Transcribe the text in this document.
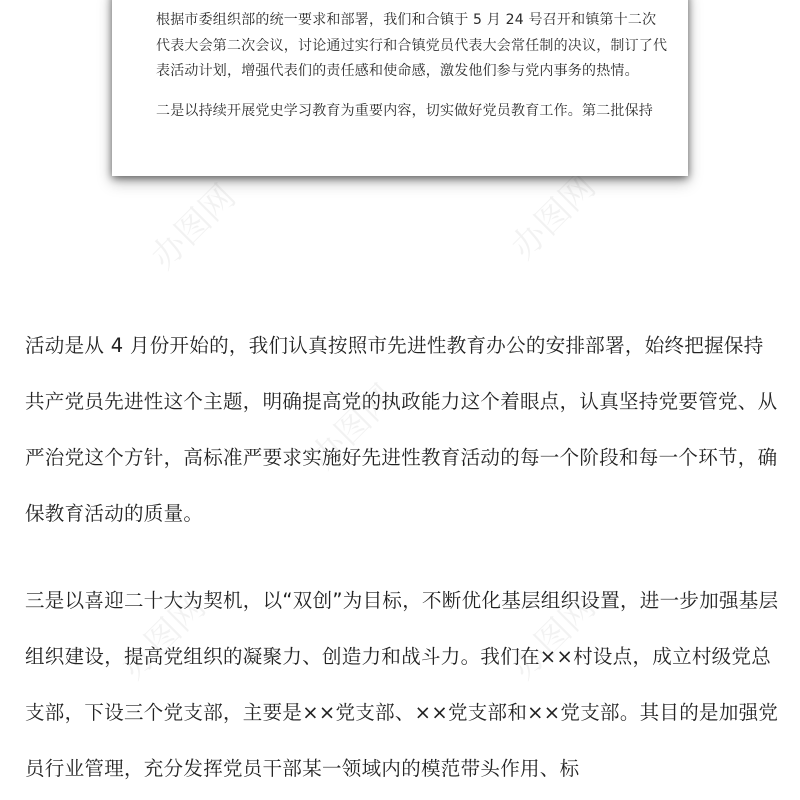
办图网	办图网
办图网
办图网	办图网

根据市委组织部的统一要求和部署，我们和合镇于 5 月 24 号召开和镇第十二次代表大会第二次会议，讨论通过实行和合镇党员代表大会常任制的决议，制订了代表活动计划，增强代表们的责任感和使命感，激发他们参与党内事务的热情。

二是以持续开展党史学习教育为重要内容，切实做好党员教育工作。第二批保持

活动是从 4 月份开始的，我们认真按照市先进性教育办公的安排部署，始终把握保持共产党员先进性这个主题，明确提高党的执政能力这个着眼点，认真坚持党要管党、从严治党这个方针，高标准严要求实施好先进性教育活动的每一个阶段和每一个环节，确保教育活动的质量。

三是以喜迎二十大为契机，以“双创”为目标，不断优化基层组织设置，进一步加强基层组织建设，提高党组织的凝聚力、创造力和战斗力。我们在××村设点，成立村级党总支部，下设三个党支部，主要是××党支部、××党支部和××党支部。其目的是加强党员行业管理，充分发挥党员干部某一领域内的模范带头作用、标
